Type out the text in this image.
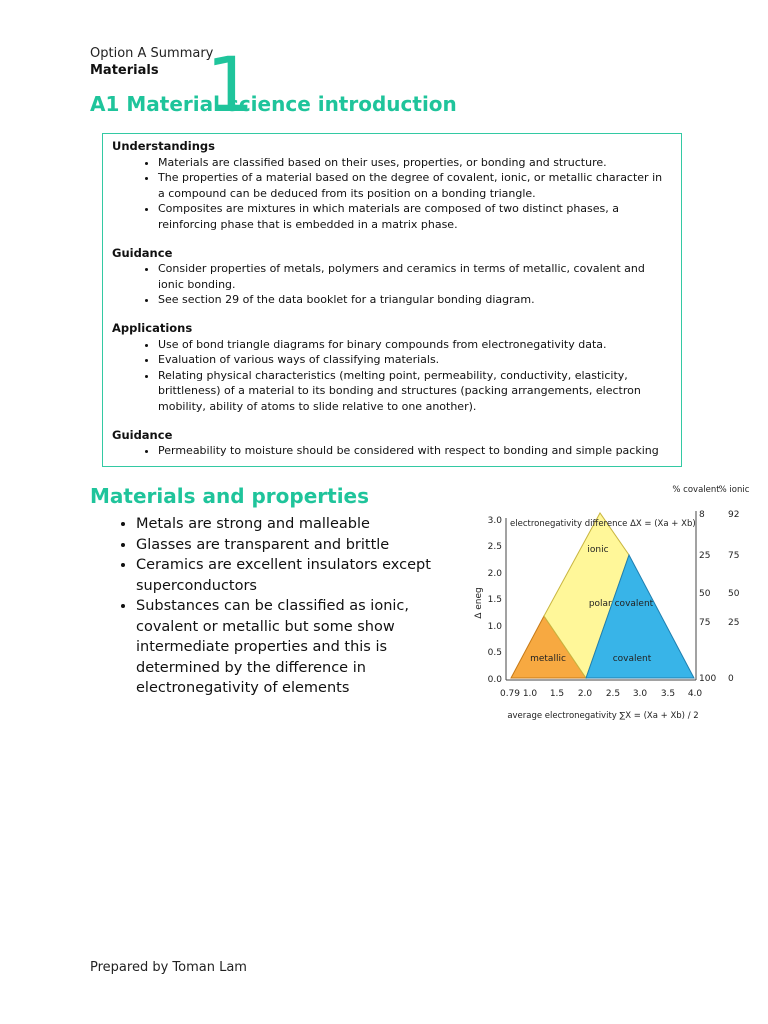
Option A Summary
Materials
A1 Material science introduction
1
Understandings
• Materials are classified based on their uses, properties, or bonding and structure.
• The properties of a material based on the degree of covalent, ionic, or metallic character in a compound can be deduced from its position on a bonding triangle.
• Composites are mixtures in which materials are composed of two distinct phases, a reinforcing phase that is embedded in a matrix phase.
Guidance
• Consider properties of metals, polymers and ceramics in terms of metallic, covalent and ionic bonding.
• See section 29 of the data booklet for a triangular bonding diagram.
Applications
• Use of bond triangle diagrams for binary compounds from electronegativity data.
• Evaluation of various ways of classifying materials.
• Relating physical characteristics (melting point, permeability, conductivity, elasticity, brittleness) of a material to its bonding and structures (packing arrangements, electron mobility, ability of atoms to slide relative to one another).
Guidance
• Permeability to moisture should be considered with respect to bonding and simple packing
Materials and properties
• Metals are strong and malleable
• Glasses are transparent and brittle
• Ceramics are excellent insulators except superconductors
• Substances can be classified as ionic, covalent or metallic but some show intermediate properties and this is determined by the difference in electronegativity of elements
3.0
2.5
2.0
1.5
1.0
0.5
0.0
Δ eneg
0.79 1.0 1.5 2.0 2.5 3.0 3.5 4.0
average electronegativity ∑X = (Xa + Xb) / 2
electronegativity difference ΔX = (Xa + Xb)
ionic
polar covalent
covalent
metallic
% covalent % ionic
8
25
50
75
100
92
75
50
25
0
Prepared by Toman Lam
